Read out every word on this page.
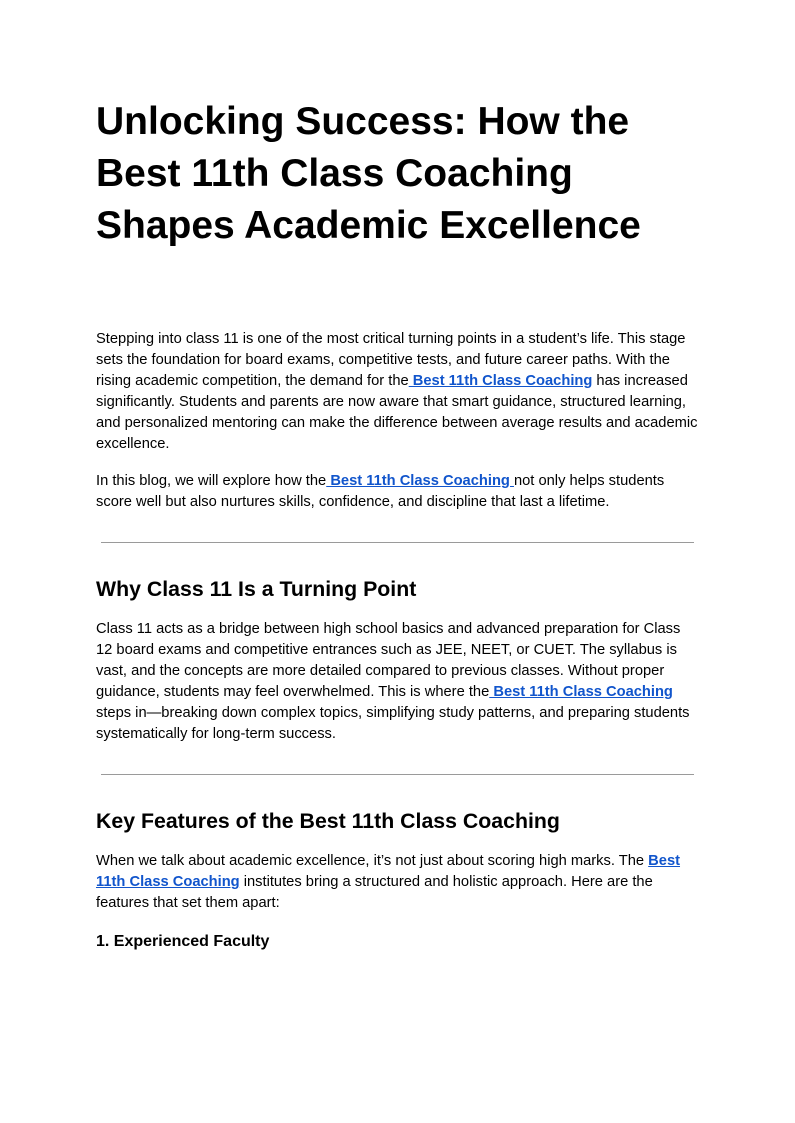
Unlocking Success: How the Best 11th Class Coaching Shapes Academic Excellence

Stepping into class 11 is one of the most critical turning points in a student’s life. This stage sets the foundation for board exams, competitive tests, and future career paths. With the rising academic competition, the demand for the Best 11th Class Coaching has increased significantly. Students and parents are now aware that smart guidance, structured learning, and personalized mentoring can make the difference between average results and academic excellence.

In this blog, we will explore how the Best 11th Class Coaching not only helps students score well but also nurtures skills, confidence, and discipline that last a lifetime.

Why Class 11 Is a Turning Point

Class 11 acts as a bridge between high school basics and advanced preparation for Class 12 board exams and competitive entrances such as JEE, NEET, or CUET. The syllabus is vast, and the concepts are more detailed compared to previous classes. Without proper guidance, students may feel overwhelmed. This is where the Best 11th Class Coaching steps in—breaking down complex topics, simplifying study patterns, and preparing students systematically for long-term success.

Key Features of the Best 11th Class Coaching

When we talk about academic excellence, it’s not just about scoring high marks. The Best 11th Class Coaching institutes bring a structured and holistic approach. Here are the features that set them apart:

1. Experienced Faculty
